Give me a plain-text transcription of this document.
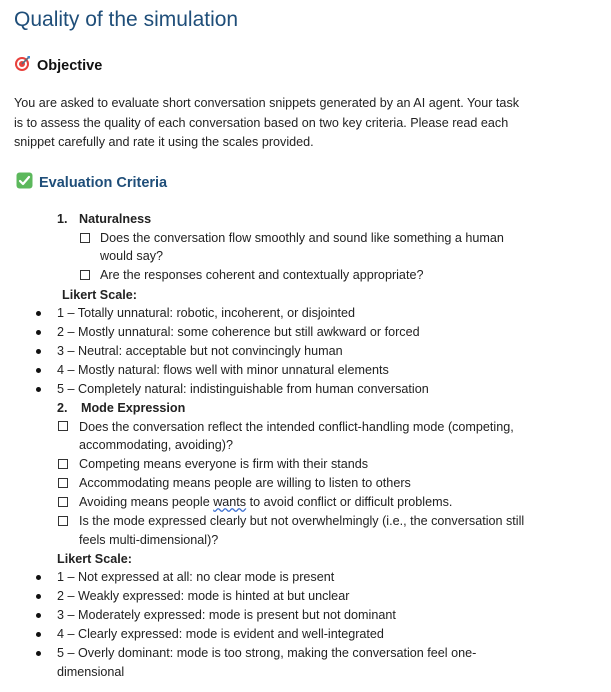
Quality of the simulation
Objective
You are asked to evaluate short conversation snippets generated by an AI agent. Your task
is to assess the quality of each conversation based on two key criteria. Please read each
snippet carefully and rate it using the scales provided.
Evaluation Criteria
1. Naturalness
Does the conversation flow smoothly and sound like something a human
would say?
Are the responses coherent and contextually appropriate?
Likert Scale:
1 – Totally unnatural: robotic, incoherent, or disjointed
2 – Mostly unnatural: some coherence but still awkward or forced
3 – Neutral: acceptable but not convincingly human
4 – Mostly natural: flows well with minor unnatural elements
5 – Completely natural: indistinguishable from human conversation
2. Mode Expression
Does the conversation reflect the intended conflict-handling mode (competing,
accommodating, avoiding)?
Competing means everyone is firm with their stands
Accommodating means people are willing to listen to others
Avoiding means people wants to avoid conflict or difficult problems.
Is the mode expressed clearly but not overwhelmingly (i.e., the conversation still
feels multi-dimensional)?
Likert Scale:
1 – Not expressed at all: no clear mode is present
2 – Weakly expressed: mode is hinted at but unclear
3 – Moderately expressed: mode is present but not dominant
4 – Clearly expressed: mode is evident and well-integrated
5 – Overly dominant: mode is too strong, making the conversation feel one-
dimensional
